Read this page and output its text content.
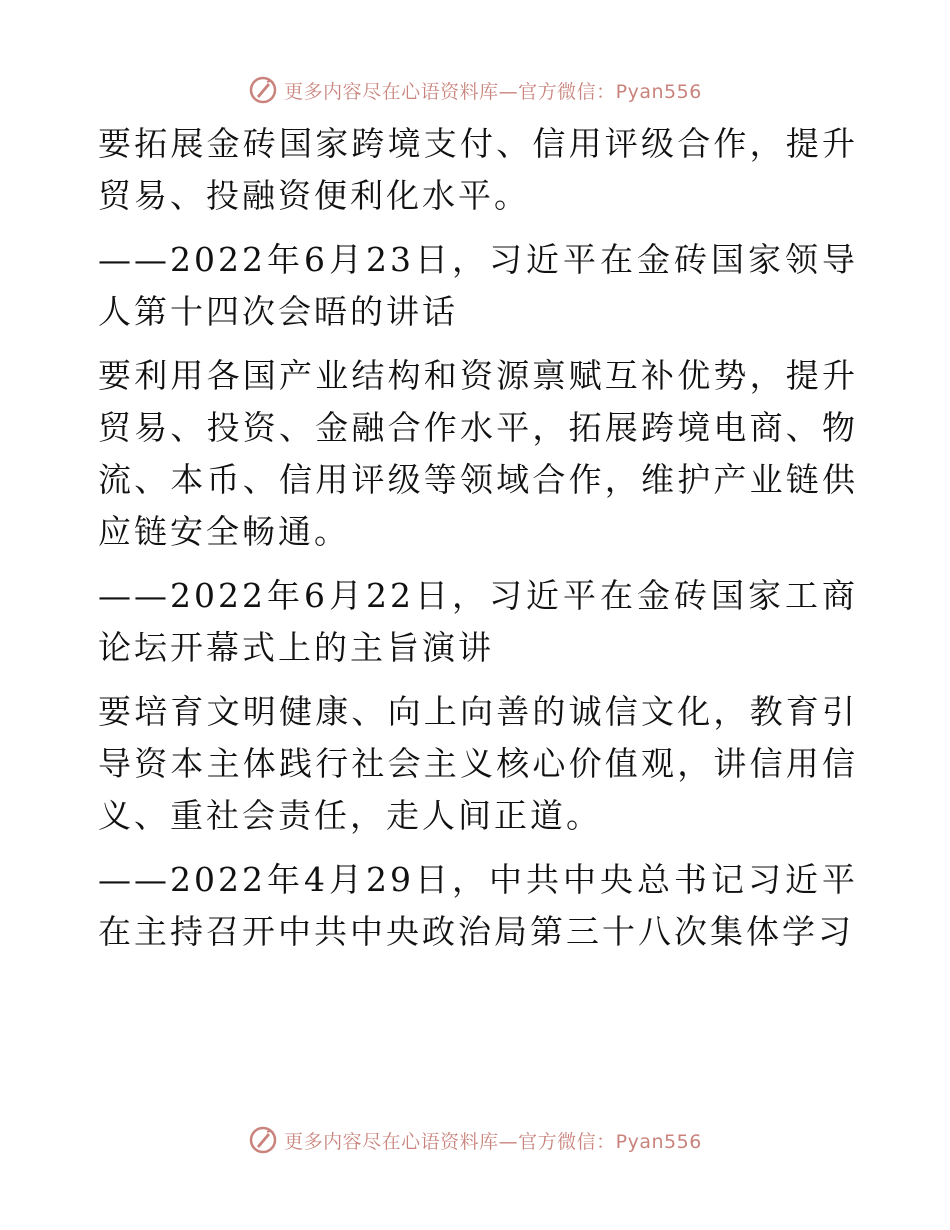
更多内容尽在心语资料库—官方微信：Pyan556

要拓展金砖国家跨境支付、信用评级合作，提升贸易、投融资便利化水平。

——2022年6月23日，习近平在金砖国家领导人第十四次会晤的讲话

要利用各国产业结构和资源禀赋互补优势，提升贸易、投资、金融合作水平，拓展跨境电商、物流、本币、信用评级等领域合作，维护产业链供应链安全畅通。

——2022年6月22日，习近平在金砖国家工商论坛开幕式上的主旨演讲

要培育文明健康、向上向善的诚信文化，教育引导资本主体践行社会主义核心价值观，讲信用信义、重社会责任，走人间正道。

——2022年4月29日，中共中央总书记习近平在主持召开中共中央政治局第三十八次集体学习

更多内容尽在心语资料库—官方微信：Pyan556
